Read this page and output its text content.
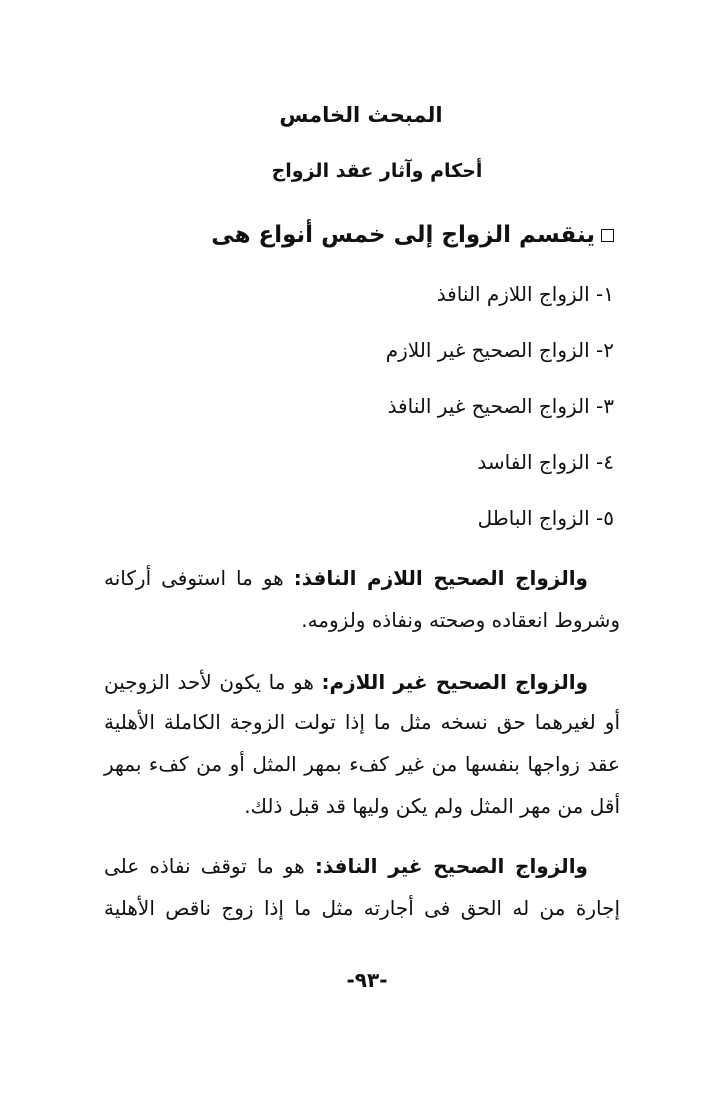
المبحث الخامس
أحكام وآثار عقد الزواج
ينقسم الزواج إلى خمس أنواع هى
١- الزواج اللازم النافذ
٢- الزواج الصحيح غير اللازم
٣- الزواج الصحيح غير النافذ
٤- الزواج الفاسد
٥- الزواج الباطل
والزواج الصحيح اللازم النافذ: هو ما استوفى أركانه
وشروط انعقاده وصحته ونفاذه ولزومه.
والزواج الصحيح غير اللازم: هو ما يكون لأحد الزوجين
أو لغيرهما حق نسخه مثل ما إذا تولت الزوجة الكاملة الأهلية
عقد زواجها بنفسها من غير كفء بمهر المثل أو من كفء بمهر
أقل من مهر المثل ولم يكن وليها قد قبل ذلك.
والزواج الصحيح غير النافذ: هو ما توقف نفاذه على
إجارة من له الحق فى أجارته مثل ما إذا زوج ناقص الأهلية
-٩٣-
